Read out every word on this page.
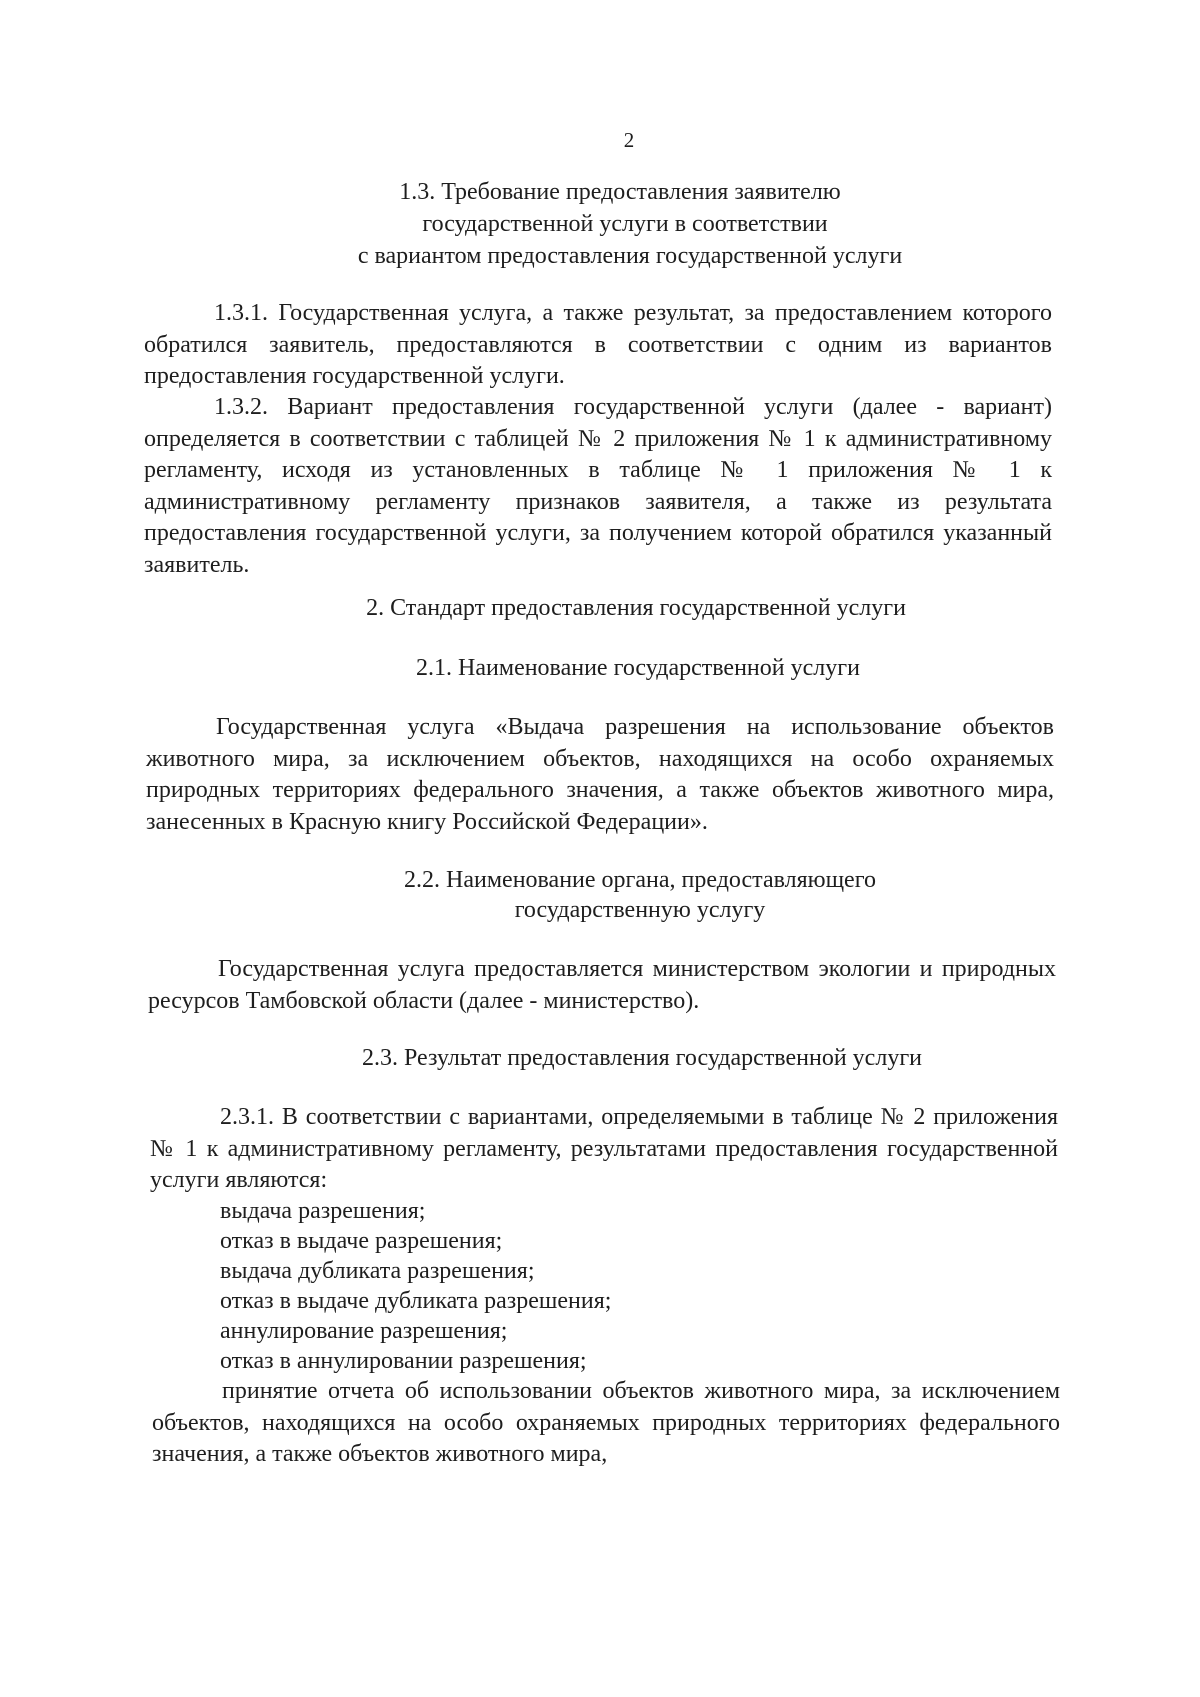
2
1.3. Требование предоставления заявителю
государственной услуги в соответствии
с вариантом предоставления государственной услуги
1.3.1. Государственная услуга, а также результат, за предоставлением которого обратился заявитель, предоставляются в соответствии с одним из вариантов предоставления государственной услуги.
1.3.2. Вариант предоставления государственной услуги (далее - вариант) определяется в соответствии с таблицей № 2 приложения № 1 к административному регламенту, исходя из установленных в таблице № 1 приложения № 1 к административному регламенту признаков заявителя, а также из результата предоставления государственной услуги, за получением которой обратился указанный заявитель.
2. Стандарт предоставления государственной услуги
2.1. Наименование государственной услуги
Государственная услуга «Выдача разрешения на использование объектов животного мира, за исключением объектов, находящихся на особо охраняемых природных территориях федерального значения, а также объектов животного мира, занесенных в Красную книгу Российской Федерации».
2.2. Наименование органа, предоставляющего
государственную услугу
Государственная услуга предоставляется министерством экологии и природных ресурсов Тамбовской области (далее - министерство).
2.3. Результат предоставления государственной услуги
2.3.1. В соответствии с вариантами, определяемыми в таблице № 2 приложения № 1 к административному регламенту, результатами предоставления государственной услуги являются:
выдача разрешения;
отказ в выдаче разрешения;
выдача дубликата разрешения;
отказ в выдаче дубликата разрешения;
аннулирование разрешения;
отказ в аннулировании разрешения;
принятие отчета об использовании объектов животного мира, за исключением объектов, находящихся на особо охраняемых природных территориях федерального значения, а также объектов животного мира,
